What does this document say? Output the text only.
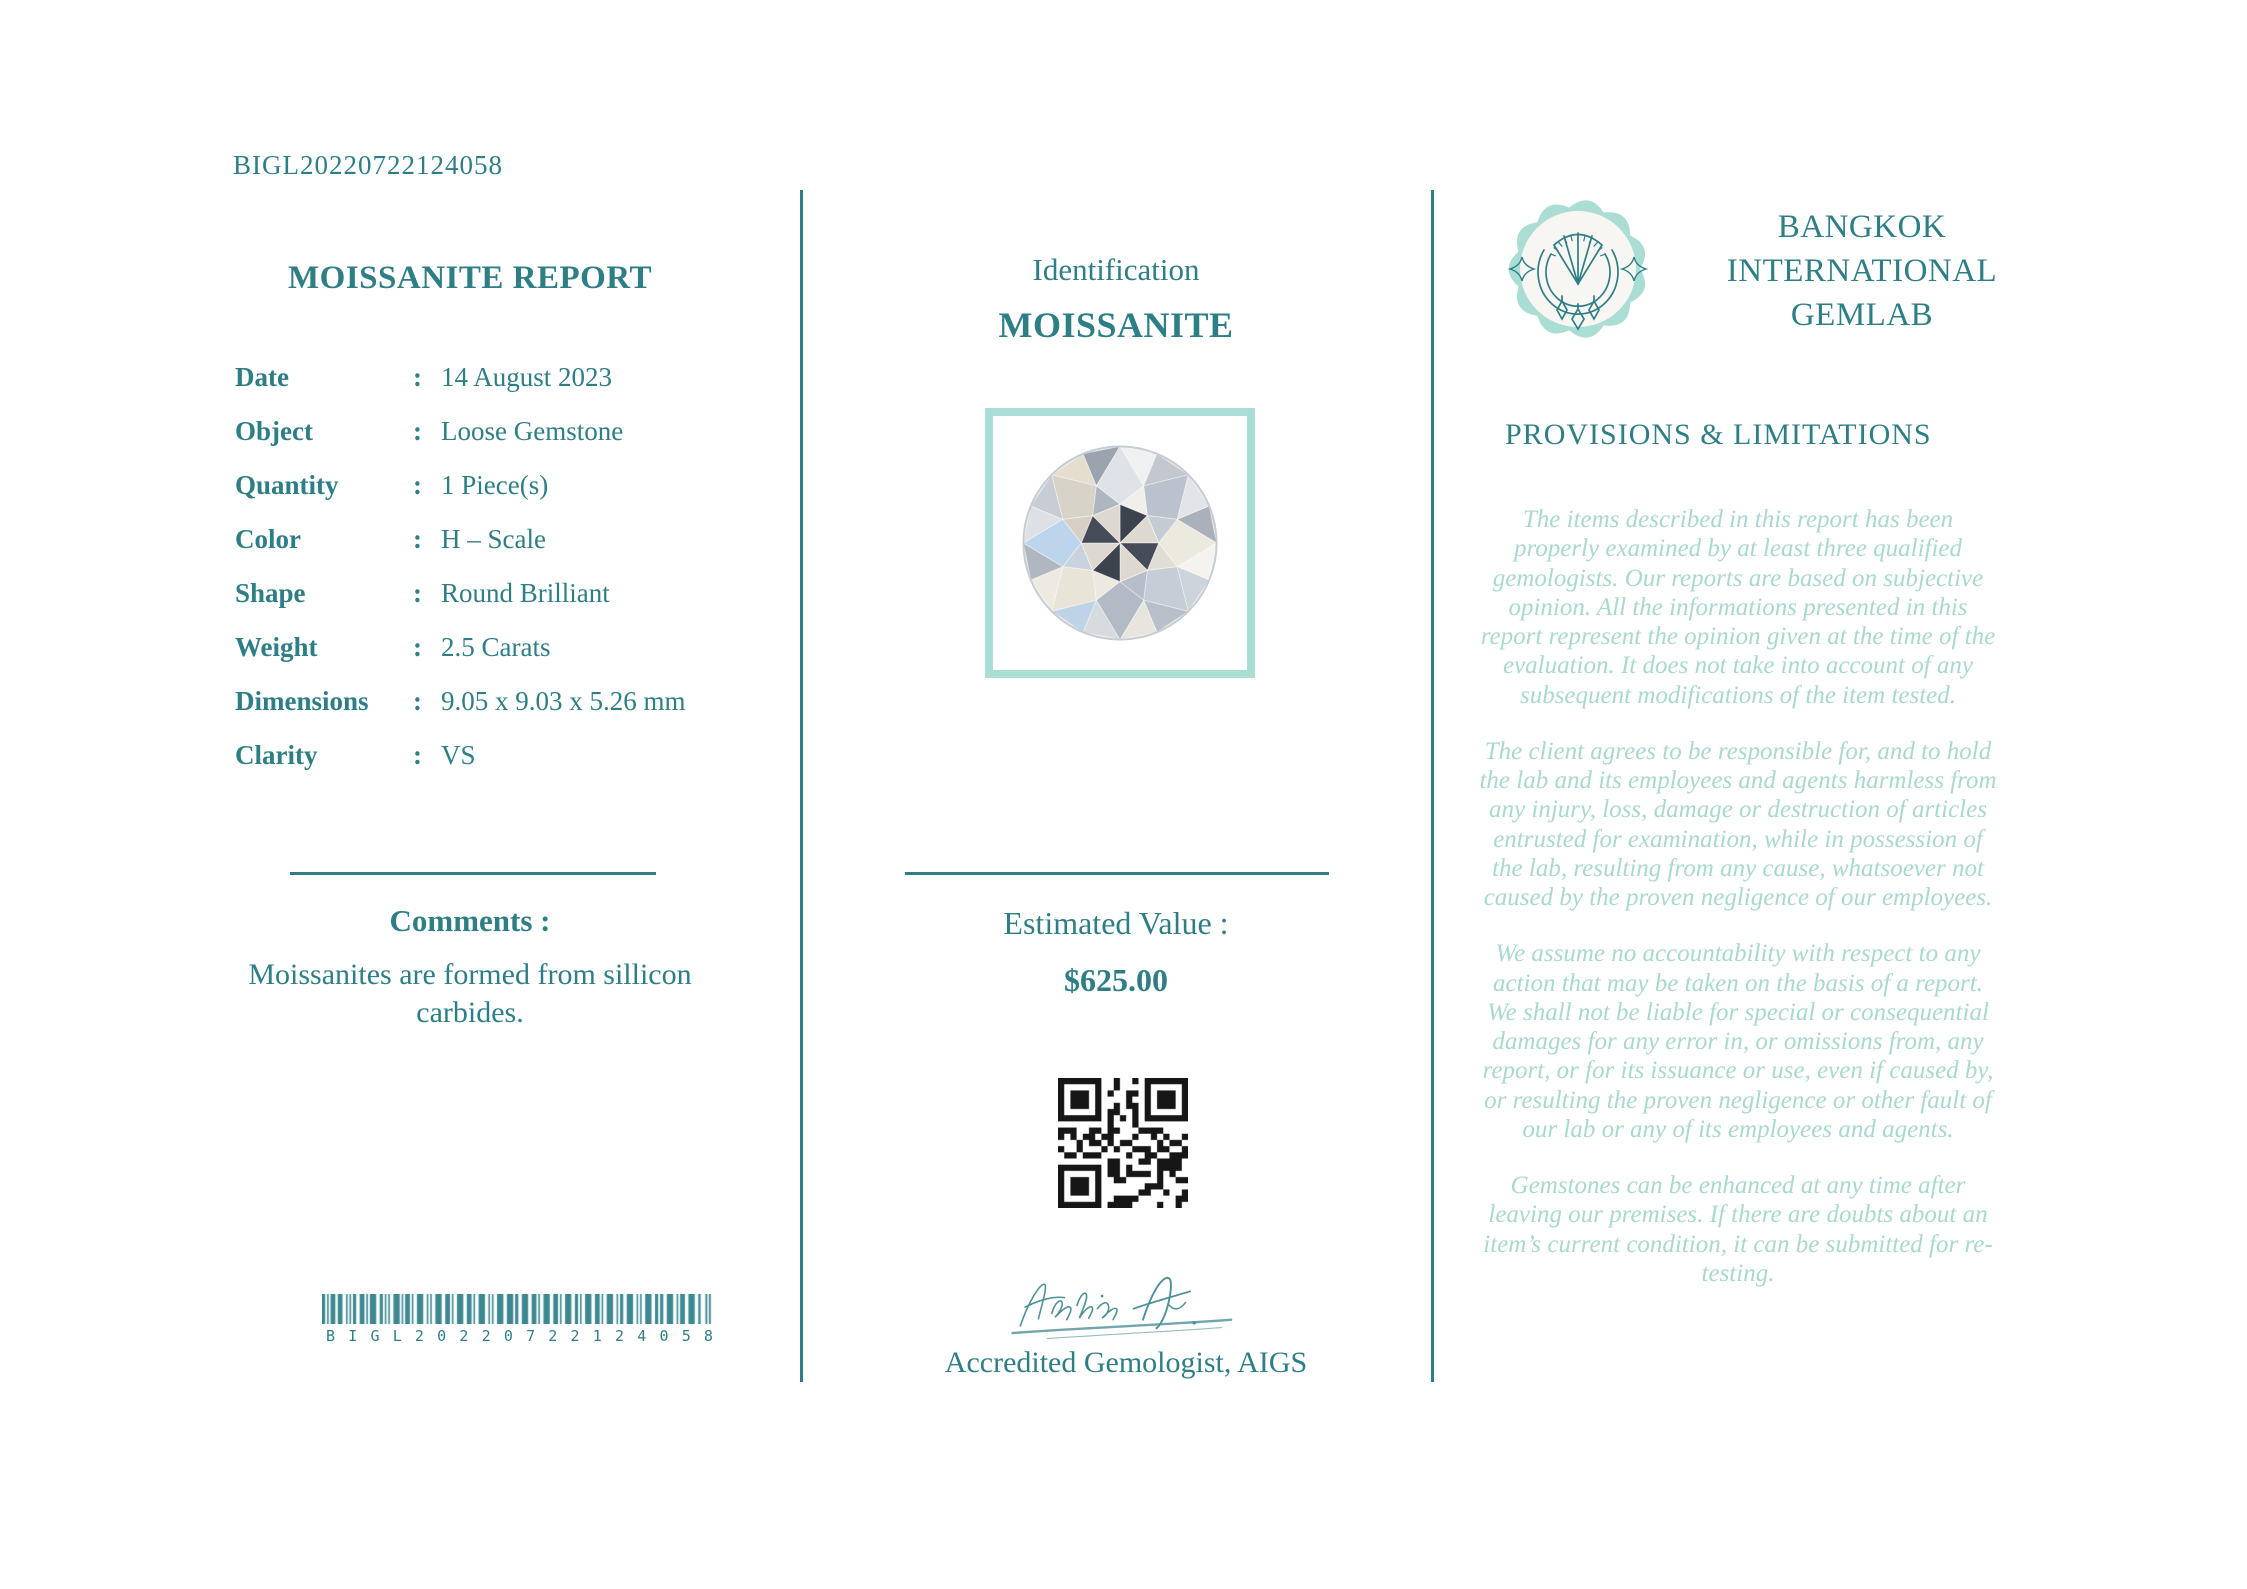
BIGL20220722124058
MOISSANITE REPORT
Date	: 14 August 2023
Object	: Loose Gemstone
Quantity	: 1 Piece(s)
Color	: H – Scale
Shape	: Round Brilliant
Weight	: 2.5 Carats
Dimensions	: 9.05 x 9.03 x 5.26 mm
Clarity	: VS
Comments :
Moissanites are formed from sillicon carbides.
BIGL20220722124058
Identification
MOISSANITE
Estimated Value :
$625.00
Accredited Gemologist, AIGS
BANGKOK
INTERNATIONAL
GEMLAB
PROVISIONS & LIMITATIONS

The items described in this report has been properly examined by at least three qualified gemologists. Our reports are based on subjective opinion. All the informations presented in this report represent the opinion given at the time of the evaluation. It does not take into account of any subsequent modifications of the item tested.

The client agrees to be responsible for, and to hold the lab and its employees and agents harmless from any injury, loss, damage or destruction of articles entrusted for examination, while in possession of the lab, resulting from any cause, whatsoever not caused by the proven negligence of our employees.

We assume no accountability with respect to any action that may be taken on the basis of a report. We shall not be liable for special or consequential damages for any error in, or omissions from, any report, or for its issuance or use, even if caused by, or resulting the proven negligence or other fault of our lab or any of its employees and agents.

Gemstones can be enhanced at any time after leaving our premises. If there are doubts about an item’s current condition, it can be submitted for re-testing.
